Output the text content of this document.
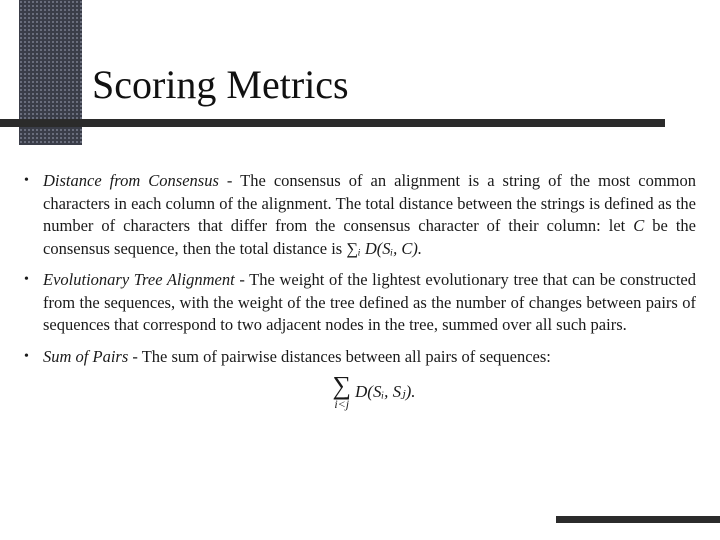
Scoring Metrics

• Distance from Consensus - The consensus of an alignment is a string of the most common characters in each column of the alignment. The total distance between the strings is defined as the number of characters that differ from the consensus character of their column: let C be the consensus sequence, then the total distance is ∑ᵢ D(Sᵢ, C).

• Evolutionary Tree Alignment - The weight of the lightest evolutionary tree that can be constructed from the sequences, with the weight of the tree defined as the number of changes between pairs of sequences that correspond to two adjacent nodes in the tree, summed over all such pairs.

• Sum of Pairs - The sum of pairwise distances between all pairs of sequences:

∑
i<j
D(Sᵢ, Sⱼ).
